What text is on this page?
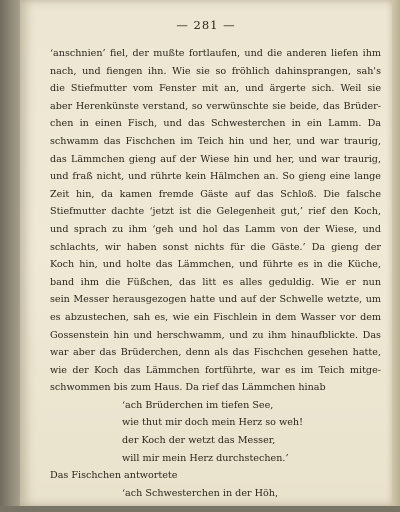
— 281 —
‘anschnien’ fiel, der mußte fortlaufen, und die anderen liefen ihm
nach, und fiengen ihn. Wie sie so fröhlich dahinsprangen, sah's
die Stiefmutter vom Fenster mit an, und ärgerte sich. Weil sie
aber Herenkünste verstand, so verwünschte sie beide, das Brüder-
chen in einen Fisch, und das Schwesterchen in ein Lamm. Da
schwamm das Fischchen im Teich hin und her, und war traurig,
das Lämmchen gieng auf der Wiese hin und her, und war traurig,
und fraß nicht, und rührte kein Hälmchen an. So gieng eine lange
Zeit hin, da kamen fremde Gäste auf das Schloß. Die falsche
Stiefmutter dachte ‘jetzt ist die Gelegenheit gut,’ rief den Koch,
und sprach zu ihm ‘geh und hol das Lamm von der Wiese, und
schlachts, wir haben sonst nichts für die Gäste.’ Da gieng der
Koch hin, und holte das Lämmchen, und führte es in die Küche,
band ihm die Füßchen, das litt es alles geduldig. Wie er nun
sein Messer herausgezogen hatte und auf der Schwelle wetzte, um
es abzustechen, sah es, wie ein Fischlein in dem Wasser vor dem
Gossenstein hin und herschwamm, und zu ihm hinaufblickte. Das
war aber das Brüderchen, denn als das Fischchen gesehen hatte,
wie der Koch das Lämmchen fortführte, war es im Teich mitge-
schwommen bis zum Haus. Da rief das Lämmchen hinab
‘ach Brüderchen im tiefen See,
wie thut mir doch mein Herz so weh!
der Koch der wetzt das Messer,
will mir mein Herz durchstechen.’
Das Fischchen antwortete
‘ach Schwesterchen in der Höh,
